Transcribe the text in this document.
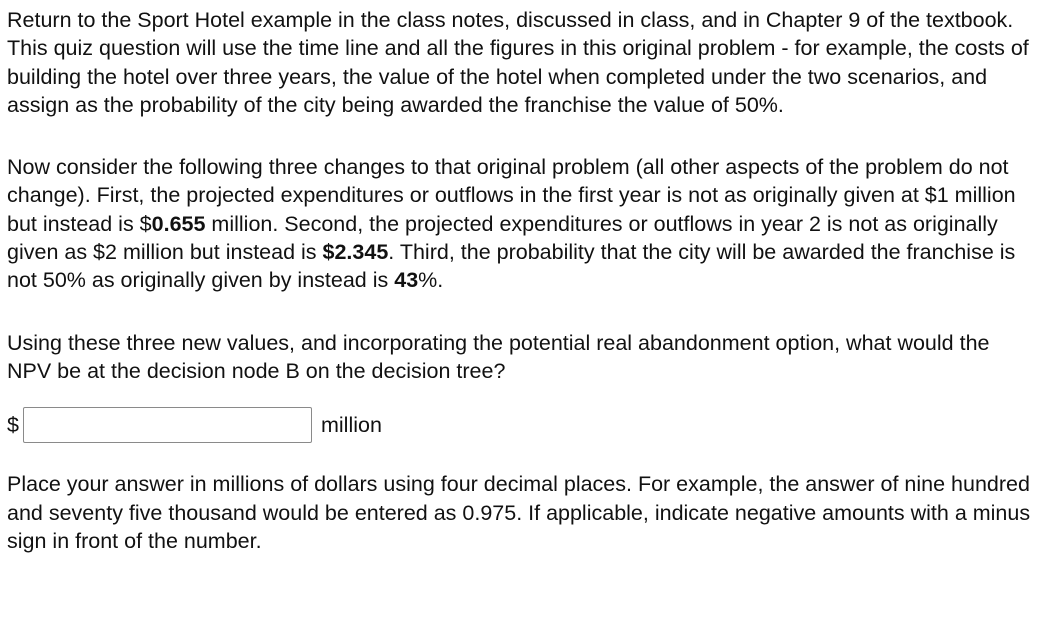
Return to the Sport Hotel example in the class notes, discussed in class, and in Chapter 9 of the textbook. This quiz question will use the time line and all the figures in this original problem - for example, the costs of building the hotel over three years, the value of the hotel when completed under the two scenarios, and assign as the probability of the city being awarded the franchise the value of 50%.

Now consider the following three changes to that original problem (all other aspects of the problem do not change). First, the projected expenditures or outflows in the first year is not as originally given at $1 million but instead is $0.655 million. Second, the projected expenditures or outflows in year 2 is not as originally given as $2 million but instead is $2.345. Third, the probability that the city will be awarded the franchise is not 50% as originally given by instead is 43%.

Using these three new values, and incorporating the potential real abandonment option, what would the NPV be at the decision node B on the decision tree?

$	million

Place your answer in millions of dollars using four decimal places. For example, the answer of nine hundred and seventy five thousand would be entered as 0.975. If applicable, indicate negative amounts with a minus sign in front of the number.
